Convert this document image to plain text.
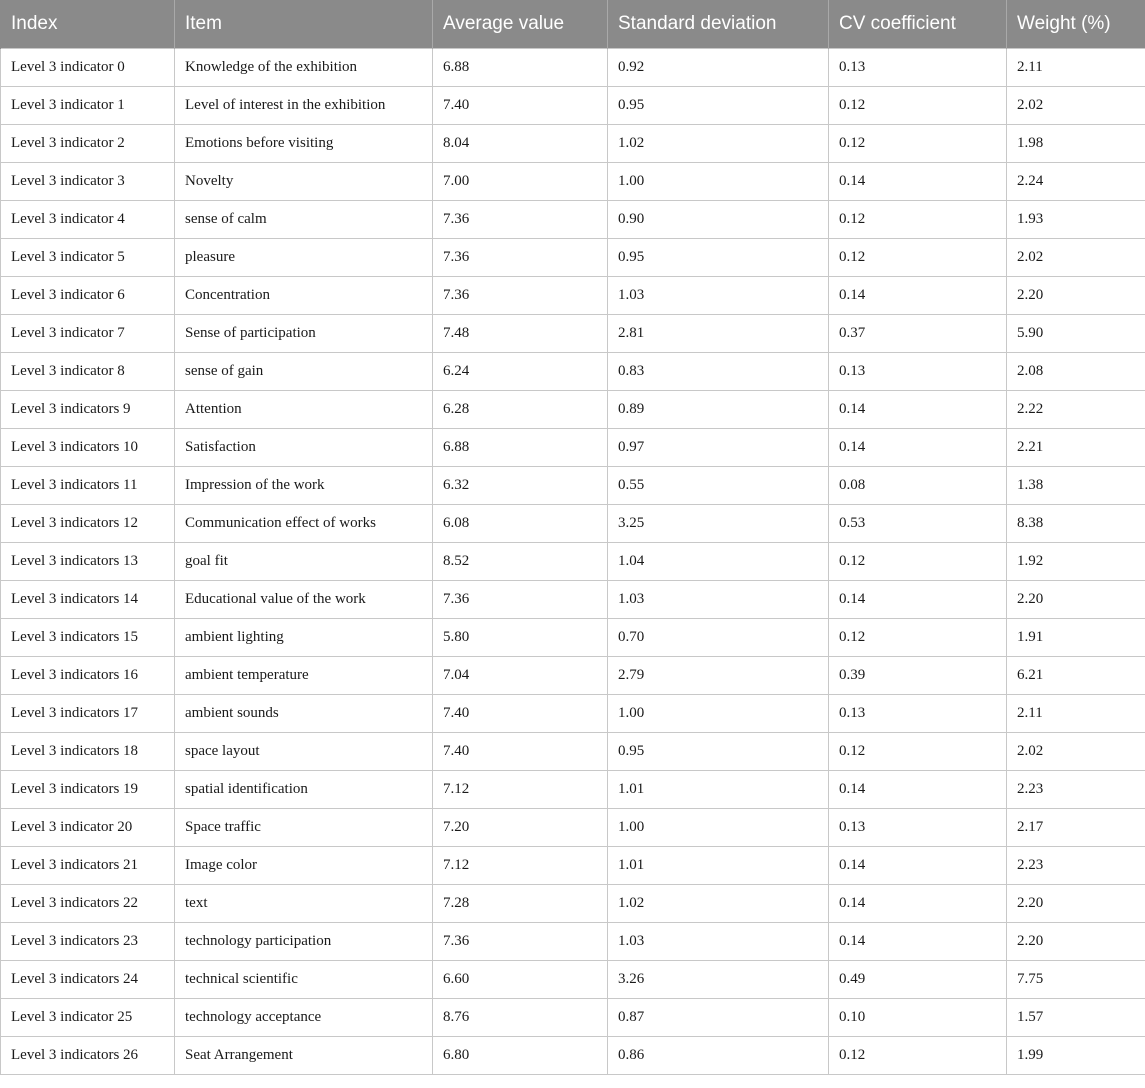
Index	Item	Average value	Standard deviation	CV coefficient	Weight (%)
Level 3 indicator 0	Knowledge of the exhibition	6.88	0.92	0.13	2.11
Level 3 indicator 1	Level of interest in the exhibition	7.40	0.95	0.12	2.02
Level 3 indicator 2	Emotions before visiting	8.04	1.02	0.12	1.98
Level 3 indicator 3	Novelty	7.00	1.00	0.14	2.24
Level 3 indicator 4	sense of calm	7.36	0.90	0.12	1.93
Level 3 indicator 5	pleasure	7.36	0.95	0.12	2.02
Level 3 indicator 6	Concentration	7.36	1.03	0.14	2.20
Level 3 indicator 7	Sense of participation	7.48	2.81	0.37	5.90
Level 3 indicator 8	sense of gain	6.24	0.83	0.13	2.08
Level 3 indicators 9	Attention	6.28	0.89	0.14	2.22
Level 3 indicators 10	Satisfaction	6.88	0.97	0.14	2.21
Level 3 indicators 11	Impression of the work	6.32	0.55	0.08	1.38
Level 3 indicators 12	Communication effect of works	6.08	3.25	0.53	8.38
Level 3 indicators 13	goal fit	8.52	1.04	0.12	1.92
Level 3 indicators 14	Educational value of the work	7.36	1.03	0.14	2.20
Level 3 indicators 15	ambient lighting	5.80	0.70	0.12	1.91
Level 3 indicators 16	ambient temperature	7.04	2.79	0.39	6.21
Level 3 indicators 17	ambient sounds	7.40	1.00	0.13	2.11
Level 3 indicators 18	space layout	7.40	0.95	0.12	2.02
Level 3 indicators 19	spatial identification	7.12	1.01	0.14	2.23
Level 3 indicator 20	Space traffic	7.20	1.00	0.13	2.17
Level 3 indicators 21	Image color	7.12	1.01	0.14	2.23
Level 3 indicators 22	text	7.28	1.02	0.14	2.20
Level 3 indicators 23	technology participation	7.36	1.03	0.14	2.20
Level 3 indicators 24	technical scientific	6.60	3.26	0.49	7.75
Level 3 indicator 25	technology acceptance	8.76	0.87	0.10	1.57
Level 3 indicators 26	Seat Arrangement	6.80	0.86	0.12	1.99
